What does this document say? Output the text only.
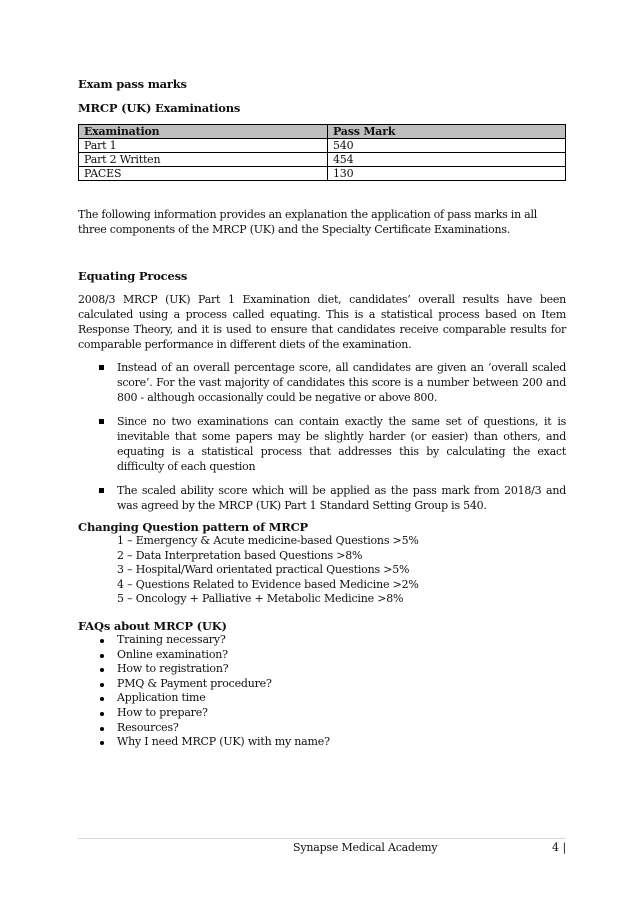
Exam pass marks
MRCP (UK) Examinations
Examination	Pass Mark
Part 1	540
Part 2 Written	454
PACES	130
The following information provides an explanation the application of pass marks in all three components of the MRCP (UK) and the Specialty Certificate Examinations.
Equating Process
2008/3 MRCP (UK) Part 1 Examination diet, candidates’ overall results have been calculated using a process called equating. This is a statistical process based on Item Response Theory, and it is used to ensure that candidates receive comparable results for comparable performance in different diets of the examination.
Instead of an overall percentage score, all candidates are given an ‘overall scaled score’. For the vast majority of candidates this score is a number between 200 and 800 - although occasionally could be negative or above 800.
Since no two examinations can contain exactly the same set of questions, it is inevitable that some papers may be slightly harder (or easier) than others, and equating is a statistical process that addresses this by calculating the exact difficulty of each question
The scaled ability score which will be applied as the pass mark from 2018/3 and was agreed by the MRCP (UK) Part 1 Standard Setting Group is 540.
Changing Question pattern of MRCP
1 – Emergency & Acute medicine-based Questions >5%
2 – Data Interpretation based Questions >8%
3 – Hospital/Ward orientated practical Questions >5%
4 – Questions Related to Evidence based Medicine >2%
5 – Oncology + Palliative + Metabolic Medicine >8%
FAQs about MRCP (UK)
Training necessary?
Online examination?
How to registration?
PMQ & Payment procedure?
Application time
How to prepare?
Resources?
Why I need MRCP (UK) with my name?
Synapse Medical Academy	4 |
